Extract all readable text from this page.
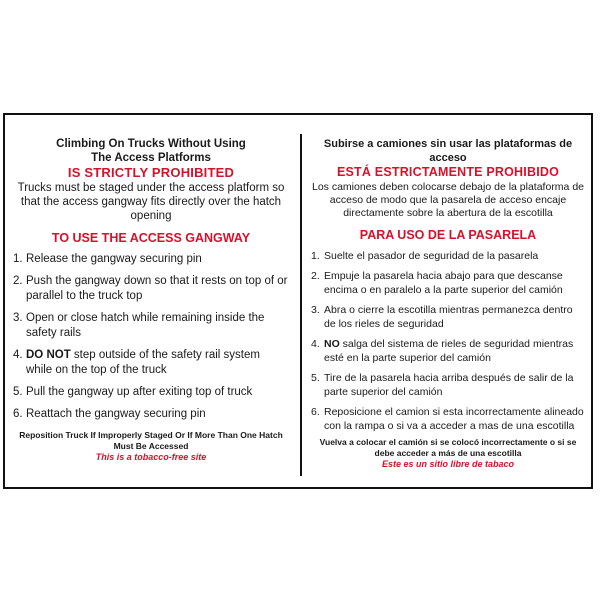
Climbing On Trucks Without Using
The Access Platforms
IS STRICTLY PROHIBITED
Trucks must be staged under the access platform so that the access gangway fits directly over the hatch opening
TO USE THE ACCESS GANGWAY
1. Release the gangway securing pin
2. Push the gangway down so that it rests on top of or parallel to the truck top
3. Open or close hatch while remaining inside the safety rails
4. DO NOT step outside of the safety rail system while on the top of the truck
5. Pull the gangway up after exiting top of truck
6. Reattach the gangway securing pin
Reposition Truck If Improperly Staged Or If More Than One Hatch Must Be Accessed
This is a tobacco-free site
Subirse a camiones sin usar las plataformas de acceso
ESTÁ ESTRICTAMENTE PROHIBIDO
Los camiones deben colocarse debajo de la plataforma de acceso de modo que la pasarela de acceso encaje directamente sobre la abertura de la escotilla
PARA USO DE LA PASARELA
1. Suelte el pasador de seguridad de la pasarela
2. Empuje la pasarela hacia abajo para que descanse encima o en paralelo a la parte superior del camión
3. Abra o cierre la escotilla mientras permanezca dentro de los rieles de seguridad
4. NO salga del sistema de rieles de seguridad mientras esté en la parte superior del camión
5. Tire de la pasarela hacia arriba después de salir de la parte superior del camión
6. Reposicione el camion si esta incorrectamente alineado con la rampa o si va a acceder a mas de una escotilla
Vuelva a colocar el camión si se colocó incorrectamente o si se debe acceder a más de una escotilla
Este es un sitio libre de tabaco
